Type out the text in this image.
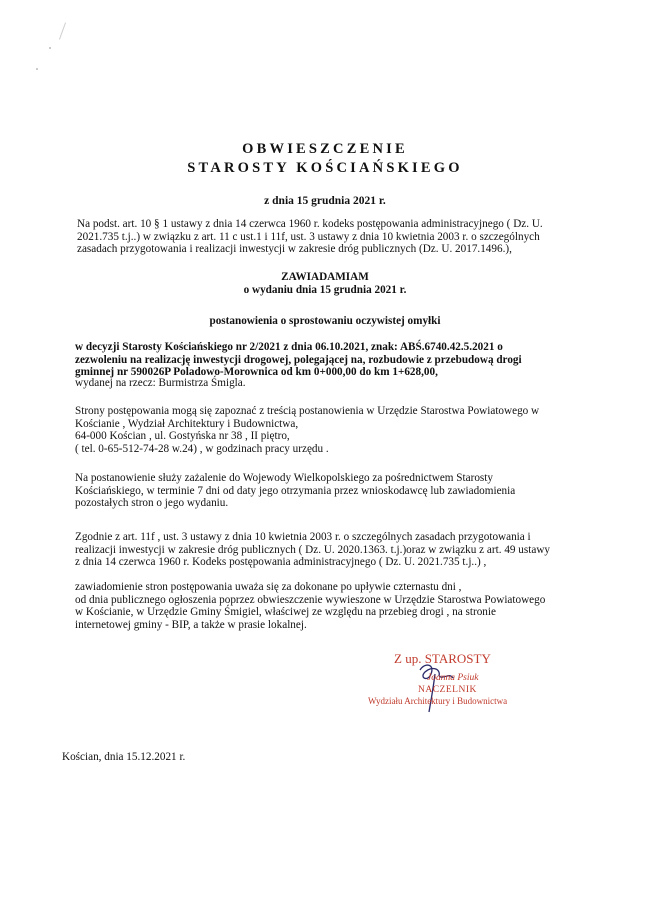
OBWIESZCZENIE
STAROSTY KOŚCIAŃSKIEGO
z dnia 15 grudnia 2021 r.
Na podst. art. 10 § 1 ustawy z dnia 14 czerwca 1960 r. kodeks postępowania administracyjnego ( Dz. U.
2021.735 t.j..) w związku z art. 11 c ust.1 i 11f, ust. 3 ustawy z dnia 10 kwietnia 2003 r. o szczególnych
zasadach przygotowania i realizacji inwestycji w zakresie dróg publicznych (Dz. U. 2017.1496.),
ZAWIADAMIAM
o wydaniu dnia 15 grudnia 2021 r.
postanowienia o sprostowaniu oczywistej omyłki
w decyzji Starosty Kościańskiego nr 2/2021 z dnia 06.10.2021, znak: ABŚ.6740.42.5.2021 o
zezwoleniu na realizację inwestycji drogowej, polegającej na, rozbudowie z przebudową drogi
gminnej nr 590026P Poladowo-Morownica od km 0+000,00 do km 1+628,00,
wydanej na rzecz: Burmistrza Śmigla.
Strony postępowania mogą się zapoznać z treścią postanowienia w Urzędzie Starostwa Powiatowego w
Kościanie , Wydział Architektury i Budownictwa,
64-000 Kościan , ul. Gostyńska nr 38 , II piętro,
( tel. 0-65-512-74-28 w.24) , w godzinach pracy urzędu .
Na postanowienie służy zażalenie do Wojewody Wielkopolskiego za pośrednictwem Starosty
Kościańskiego, w terminie 7 dni od daty jego otrzymania przez wnioskodawcę lub zawiadomienia
pozostałych stron o jego wydaniu.
Zgodnie z art. 11f , ust. 3 ustawy z dnia 10 kwietnia 2003 r. o szczególnych zasadach przygotowania i
realizacji inwestycji w zakresie dróg publicznych ( Dz. U. 2020.1363. t.j.)oraz w związku z art. 49 ustawy
z dnia 14 czerwca 1960 r. Kodeks postępowania administracyjnego ( Dz. U. 2021.735 t.j..) ,
zawiadomienie stron postępowania uważa się za dokonane po upływie czternastu dni ,
od dnia publicznego ogłoszenia poprzez obwieszczenie wywieszone w Urzędzie Starostwa Powiatowego
w Kościanie, w Urzędzie Gminy Śmigiel, właściwej ze względu na przebieg drogi , na stronie
internetowej gminy - BIP, a także w prasie lokalnej.
Z up. STAROSTY
Joanna Psiuk
NACZELNIK
Wydziału Architektury i Budownictwa
Kościan, dnia 15.12.2021 r.
